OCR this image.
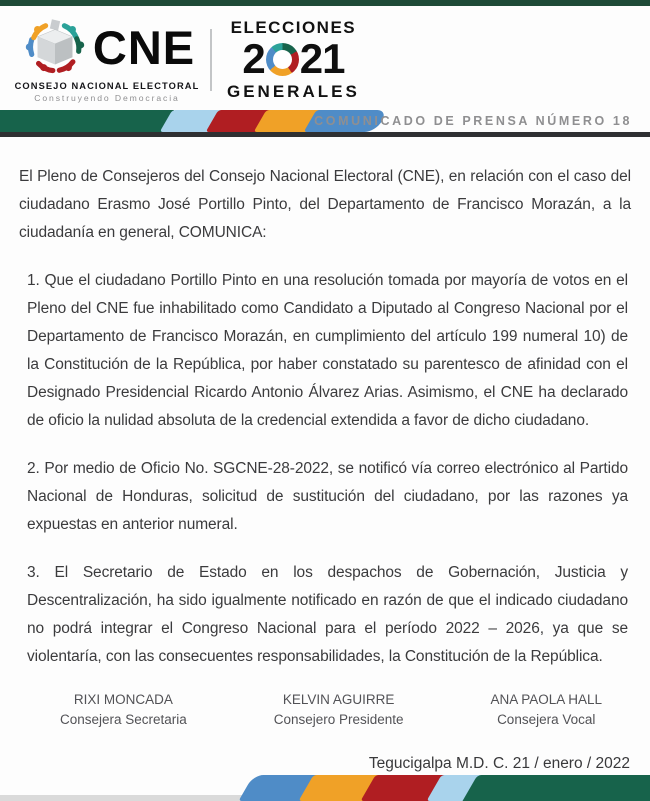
CNE
CONSEJO NACIONAL ELECTORAL
Construyendo Democracia
ELECCIONES
2 21
GENERALES
COMUNICADO DE PRENSA NÚMERO 18

El Pleno de Consejeros del Consejo Nacional Electoral (CNE), en relación con el caso del ciudadano Erasmo José Portillo Pinto, del Departamento de Francisco Morazán, a la ciudadanía en general, COMUNICA:

1. Que el ciudadano Portillo Pinto en una resolución tomada por mayoría de votos en el Pleno del CNE fue inhabilitado como Candidato a Diputado al Congreso Nacional por el Departamento de Francisco Morazán, en cumplimiento del artículo 199 numeral 10) de la Constitución de la República, por haber constatado su parentesco de afinidad con el Designado Presidencial Ricardo Antonio Álvarez Arias. Asimismo, el CNE ha declarado de oficio la nulidad absoluta de la credencial extendida a favor de dicho ciudadano.

2. Por medio de Oficio No. SGCNE-28-2022, se notificó vía correo electrónico al Partido Nacional de Honduras, solicitud de sustitución del ciudadano, por las razones ya expuestas en anterior numeral.

3. El Secretario de Estado en los despachos de Gobernación, Justicia y Descentralización, ha sido igualmente notificado en razón de que el indicado ciudadano no podrá integrar el Congreso Nacional para el período 2022 – 2026, ya que se violentaría, con las consecuentes responsabilidades, la Constitución de la República.

RIXI MONCADA
Consejera Secretaria
KELVIN AGUIRRE
Consejero Presidente
ANA PAOLA HALL
Consejera Vocal
Tegucigalpa M.D. C. 21 / enero / 2022
